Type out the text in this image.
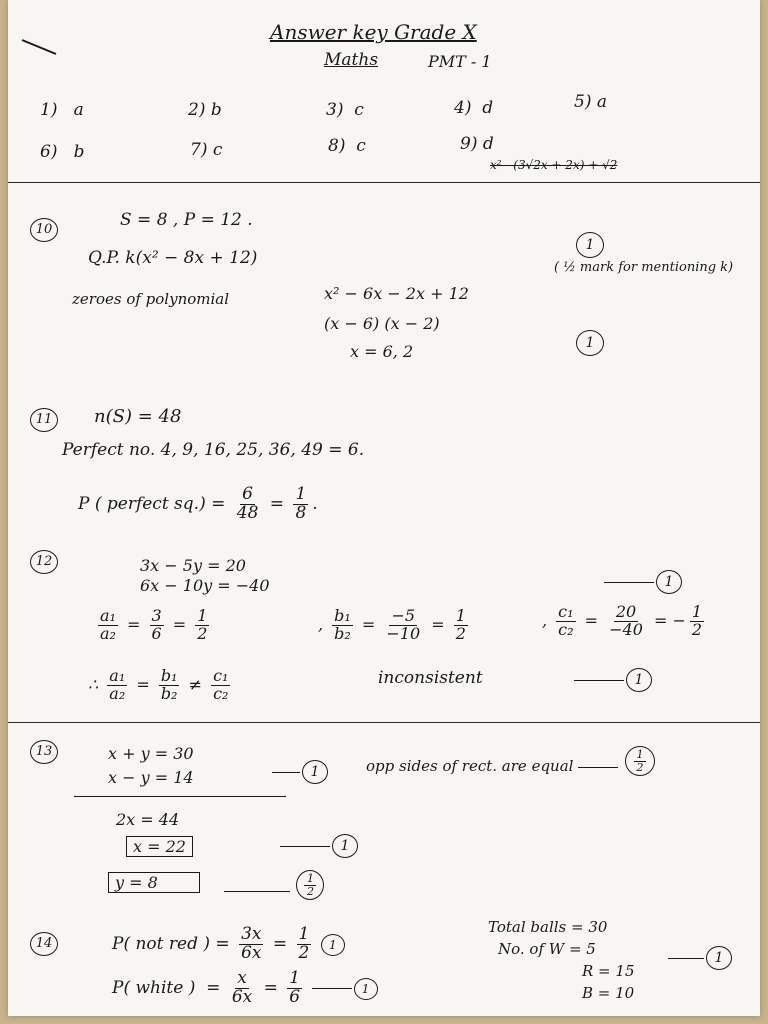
Answer key Grade X
Maths	PMT - 1
1) a	2) b	3) c	4) d	5) a
6) b	7) c	8) c	9) d
x² - (3√2x + 2x) + √2
10	S = 8 , P = 12 .
Q.P. k(x² − 8x + 12)
zeroes of polynomial	x² − 6x − 2x + 12
(x − 6) (x − 2)
x = 6, 2
1
( ½ mark for mentioning k)
1
11	n(S) = 48
Perfect no. 4, 9, 16, 25, 36, 49 = 6.
P ( perfect $sq.) = \frac{6}{48} = \frac{1}{8}$ .
12	3x − 5y = 20
6x − 10y = −40	1
$\frac{\text{a₁}}{\text{a₂}} = \frac{3}{6} = \frac{1}{2}$	, $\frac{\text{b₁}}{\text{b₂}} = \frac{-5}{-10} = \frac{1}{2}$	, $\frac{\text{c₁}}{\text{c₂}} = \frac{20}{-40}$ = − $\frac{1}{2}$
∴ $\frac{\text{a₁}}{\text{a₂}} = \frac{\text{b₁}}{\text{b₂}} \ne \frac{\text{c₁}}{\text{c₂}}$	inconsistent	1
13	x + y = 30
x − y = 14	1	opp sides of rect. are equal	$\frac{1}{2}$
2x = 44
x = 22	1
y = 8
	$\frac{1}{2}$
14	P( not red ) = $\frac{3x}{6x} = \frac{1}{2} 1$
P( white )  = $\frac{x}{6x} = \frac{1}{6}$	1
Total balls = 30
No. of W = 5
R = 15
B = 10
1
